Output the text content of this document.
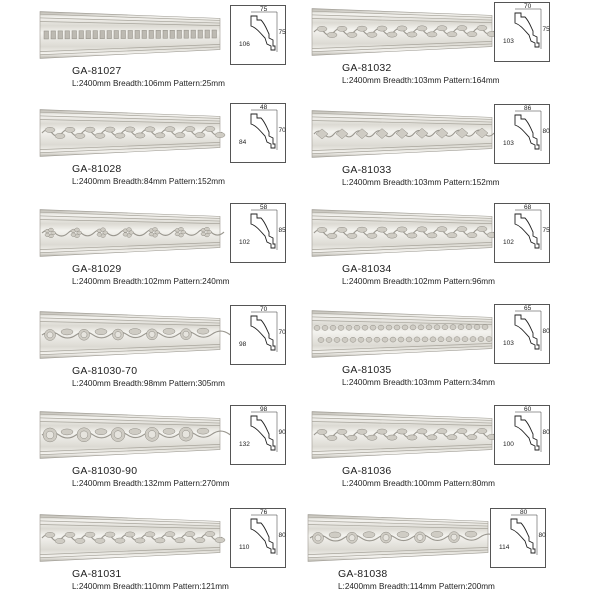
75
75
106
GA-81027
L:2400mm Breadth:106mm Pattern:25mm
48
70
84
GA-81028
L:2400mm Breadth:84mm Pattern:152mm
58
85
102
GA-81029
L:2400mm Breadth:102mm Pattern:240mm
70
70
98
GA-81030-70
L:2400mm Breadth:98mm Pattern:305mm
98
90
132
GA-81030-90
L:2400mm Breadth:132mm Pattern:270mm
76
80
110
GA-81031
L:2400mm Breadth:110mm Pattern:121mm
70
75
103
GA-81032
L:2400mm Breadth:103mm Pattern:164mm
86
80
103
GA-81033
L:2400mm Breadth:103mm Pattern:152mm
68
75
102
GA-81034
L:2400mm Breadth:102mm Pattern:96mm
65
80
103
GA-81035
L:2400mm Breadth:103mm Pattern:34mm
60
80
100
GA-81036
L:2400mm Breadth:100mm Pattern:80mm
80
80
114
GA-81038
L:2400mm Breadth:114mm Pattern:200mm
